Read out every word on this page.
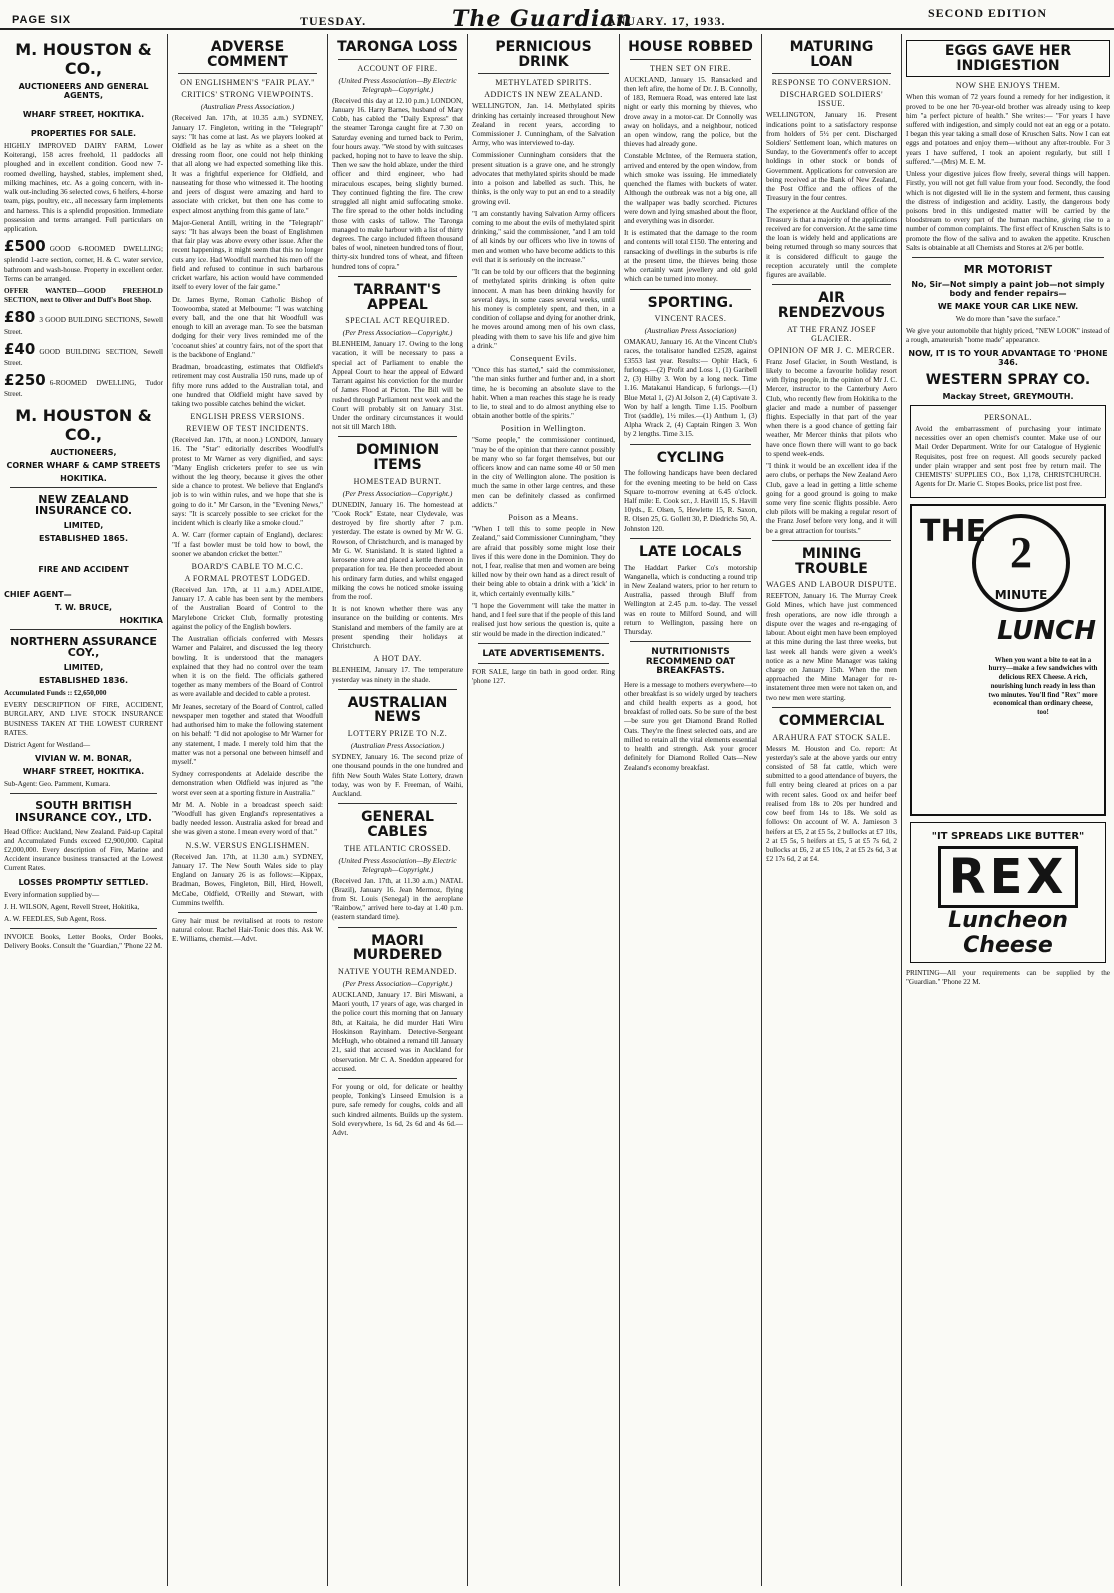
PAGE SIX	TUESDAY.	The Guardian
JANUARY. 17, 1933.
SECOND EDITION
M. HOUSTON & CO.,
AUCTIONEERS AND GENERAL AGENTS,
WHARF STREET, HOKITIKA.
PROPERTIES FOR SALE.

HIGHLY IMPROVED DAIRY FARM, Lower Koiterangi, 158 acres freehold, 11 paddocks all ploughed and in excellent condition. Good new 7-roomed dwelling, hayshed, stables, implement shed, milking machines, etc. As a going concern, with in-walk out-including 36 selected cows, 6 heifers, 4-horse team, pigs, poultry, etc., all necessary farm implements and harness. This is a splendid proposition. Immediate possession and terms arranged. Full particulars on application.

£500 GOOD 6-ROOMED DWELLING; splendid 1-acre section, corner, H. & C. water service, bathroom and wash-house. Property in excellent order. Terms can be arranged.

OFFER WANTED—GOOD FREEHOLD SECTION, next to Oliver and Duff's Boot Shop.

£80 3 GOOD BUILDING SECTIONS, Sewell Street.

£40 GOOD BUILDING SECTION, Sewell Street.

£250 6-ROOMED DWELLING, Tudor Street.

M. HOUSTON & CO.,
AUCTIONEERS,
CORNER WHARF & CAMP STREETS
HOKITIKA.
NEW ZEALAND INSURANCE CO.
LIMITED,
ESTABLISHED 1865.
FIRE AND ACCIDENT
CHIEF AGENT—
T. W. BRUCE,
HOKITIKA
NORTHERN ASSURANCE COY.,
LIMITED,
ESTABLISHED 1836.

Accumulated Funds :: £2,650,000

EVERY DESCRIPTION OF FIRE, ACCIDENT, BURGLARY, AND LIVE STOCK INSURANCE BUSINESS TAKEN AT THE LOWEST CURRENT RATES.

District Agent for Westland—

VIVIAN W. M. BONAR,
WHARF STREET, HOKITIKA.

Sub-Agent: Geo. Pamment, Kumara.

SOUTH BRITISH INSURANCE COY., LTD.

Head Office: Auckland, New Zealand. Paid-up Capital and Accumulated Funds exceed £2,900,000. Capital £2,000,000. Every description of Fire, Marine and Accident insurance business transacted at the Lowest Current Rates.

LOSSES PROMPTLY SETTLED.

Every information supplied by—

J. H. WILSON, Agent, Revell Street, Hokitika,

A. W. FEEDLES, Sub Agent, Ross.

INVOICE Books, Letter Books, Order Books, Delivery Books. Consult the "Guardian," 'Phone 22 M.

ADVERSE COMMENT
ON ENGLISHMEN'S "FAIR PLAY."
CRITICS' STRONG VIEWPOINTS.
(Australian Press Association.)

(Received Jan. 17th, at 10.35 a.m.) SYDNEY, January 17. Fingleton, writing in the "Telegraph" says: "It has come at last. As we players looked at Oldfield as he lay as white as a sheet on the dressing room floor, one could not help thinking that all along we had expected something like this. It was a frightful experience for Oldfield, and nauseating for those who witnessed it. The hooting and jeers of disgust were amazing and hard to associate with cricket, but then one has come to expect almost anything from this game of late."

Major-General Antill, writing in the "Telegraph" says: "It has always been the boast of Englishmen that fair play was above every other issue. After the recent happenings, it might seem that this no longer cuts any ice. Had Woodfull marched his men off the field and refused to continue in such barbarous cricket warfare, his action would have commended itself to every lover of the fair game."

Dr. James Byrne, Roman Catholic Bishop of Toowoomba, stated at Melbourne: "I was watching every ball, and the one that hit Woodfull was enough to kill an average man. To see the batsman dodging for their very lives reminded me of the 'cocoanut shies' at country fairs, not of the sport that is the backbone of England."

Bradman, broadcasting, estimates that Oldfield's retirement may cost Australia 150 runs, made up of fifty more runs added to the Australian total, and one hundred that Oldfield might have saved by taking two possible catches behind the wicket.

ENGLISH PRESS VERSIONS.
REVIEW OF TEST INCIDENTS.

(Received Jan. 17th, at noon.) LONDON, January 16. The "Star" editorially describes Woodfull's protest to Mr Warner as very dignified, and says: "Many English cricketers prefer to see us win without the leg theory, because it gives the other side a chance to protest. We believe that England's job is to win within rules, and we hope that she is going to do it." Mr Carson, in the "Evening News," says: "It is scarcely possible to see cricket for the incident which is clearly like a smoke cloud."

A. W. Carr (former captain of England), declares: "If a fast bowler must be told how to bowl, the sooner we abandon cricket the better."

BOARD'S CABLE TO M.C.C.
A FORMAL PROTEST LODGED.

(Received Jan. 17th, at 11 a.m.) ADELAIDE, January 17. A cable has been sent by the members of the Australian Board of Control to the Marylebone Cricket Club, formally protesting against the policy of the English bowlers.

The Australian officials conferred with Messrs Warner and Palairet, and discussed the leg theory bowling. It is understood that the managers explained that they had no control over the team when it is on the field. The officials gathered together as many members of the Board of Control as were available and decided to cable a protest.

Mr Jeanes, secretary of the Board of Control, called newspaper men together and stated that Woodfull had authorised him to make the following statement on his behalf: "I did not apologise to Mr Warner for any statement, I made. I merely told him that the matter was not a personal one between himself and myself."

Sydney correspondents at Adelaide describe the demonstration when Oldfield was injured as "the worst ever seen at a sporting fixture in Australia."

Mr M. A. Noble in a broadcast speech said: "Woodfull has given England's representatives a badly needed lesson. Australia asked for bread and she was given a stone. I mean every word of that."

N.S.W. VERSUS ENGLISHMEN.

(Received Jan. 17th, at 11.30 a.m.) SYDNEY, January 17. The New South Wales side to play England on January 26 is as follows:—Kippax, Bradman, Bowes, Fingleton, Bill, Hird, Howell, McCabe, Oldfield, O'Reilly and Stewart, with Cummins twelfth.

Grey hair must be revitalised at roots to restore natural colour. Rachel Hair-Tonic does this. Ask W. E. Williams, chemist.—Advt.

TARONGA LOSS
ACCOUNT OF FIRE.
(United Press Association—By Electric Telegraph—Copyright.)

(Received this day at 12.10 p.m.) LONDON, January 16. Harry Barnes, husband of Mary Cobb, has cabled the "Daily Express" that the steamer Taronga caught fire at 7.30 on Saturday evening and turned back to Perim, four hours away. "We stood by with suitcases packed, hoping not to have to leave the ship. Then we saw the hold ablaze, under the third officer and third engineer, who had miraculous escapes, being slightly burned. They continued fighting the fire. The crew struggled all night amid suffocating smoke. The fire spread to the other holds including those with casks of tallow. The Taronga managed to make harbour with a list of thirty degrees. The cargo included fifteen thousand bales of wool, nineteen hundred tons of flour, thirty-six hundred tons of wheat, and fifteen hundred tons of copra."

TARRANT'S APPEAL
SPECIAL ACT REQUIRED.
(Per Press Association—Copyright.)

BLENHEIM, January 17. Owing to the long vacation, it will be necessary to pass a special act of Parliament to enable the Appeal Court to hear the appeal of Edward Tarrant against his conviction for the murder of James Flood at Picton. The Bill will be rushed through Parliament next week and the Court will probably sit on January 31st. Under the ordinary circumstances it would not sit till March 18th.

DOMINION ITEMS
HOMESTEAD BURNT.
(Per Press Association—Copyright.)

DUNEDIN, January 16. The homestead at "Cook Rock" Estate, near Clydevale, was destroyed by fire shortly after 7 p.m. yesterday. The estate is owned by Mr W. G. Rowson, of Christchurch, and is managed by Mr G. W. Stanisland. It is stated lighted a kerosene stove and placed a kettle thereon in preparation for tea. He then proceeded about his ordinary farm duties, and whilst engaged milking the cows he noticed smoke issuing from the roof.

It is not known whether there was any insurance on the building or contents. Mrs Stanisland and members of the family are at present spending their holidays at Christchurch.

A HOT DAY.

BLENHEIM, January 17. The temperature yesterday was ninety in the shade.

AUSTRALIAN NEWS
LOTTERY PRIZE TO N.Z.
(Australian Press Association.)

SYDNEY, January 16. The second prize of one thousand pounds in the one hundred and fifth New South Wales State Lottery, drawn today, was won by F. Freeman, of Waihi, Auckland.

GENERAL CABLES
THE ATLANTIC CROSSED.
(United Press Association—By Electric Telegraph—Copyright.)

(Received Jan. 17th, at 11.30 a.m.) NATAL (Brazil), January 16. Jean Mermoz, flying from St. Louis (Senegal) in the aeroplane "Rainbow," arrived here to-day at 1.40 p.m. (eastern standard time).

MAORI MURDERED
NATIVE YOUTH REMANDED.
(Per Press Association—Copyright.)

AUCKLAND, January 17. Biri Miswani, a Maori youth, 17 years of age, was charged in the police court this morning that on January 8th, at Kaitaia, he did murder Hati Wiru Hoskinson Rayinham. Detective-Sergeant McHugh, who obtained a remand till January 21, said that accused was in Auckland for observation. Mr C. A. Sneddon appeared for accused.

For young or old, for delicate or healthy people, Tonking's Linseed Emulsion is a pure, safe remedy for coughs, colds and all such kindred ailments. Builds up the system. Sold everywhere, 1s 6d, 2s 6d and 4s 6d.—Advt.

PERNICIOUS DRINK
METHYLATED SPIRITS.
ADDICTS IN NEW ZEALAND.

WELLINGTON, Jan. 14. Methylated spirits drinking has certainly increased throughout New Zealand in recent years, according to Commissioner J. Cunningham, of the Salvation Army, who was interviewed to-day.

Commissioner Cunningham considers that the present situation is a grave one, and he strongly advocates that methylated spirits should be made into a poison and labelled as such. This, he thinks, is the only way to put an end to a steadily growing evil.

"I am constantly having Salvation Army officers coming to me about the evils of methylated spirit drinking," said the commissioner, "and I am told of all kinds by our officers who live in towns of men and women who have become addicts to this evil that it is seriously on the increase."

"It can be told by our officers that the beginning of methylated spirits drinking is often quite innocent. A man has been drinking heavily for several days, in some cases several weeks, until his money is completely spent, and then, in a condition of collapse and dying for another drink, he moves around among men of his own class, pleading with them to save his life and give him a drink."

Consequent Evils.

"Once this has started," said the commissioner, "the man sinks further and further and, in a short time, he is becoming an absolute slave to the habit. When a man reaches this stage he is ready to lie, to steal and to do almost anything else to obtain another bottle of the spirits."

Position in Wellington.

"Some people," the commissioner continued, "may be of the opinion that there cannot possibly be many who so far forget themselves, but our officers know and can name some 40 or 50 men in the city of Wellington alone. The position is much the same in other large centres, and these men can be definitely classed as confirmed addicts."

Poison as a Means.

"When I tell this to some people in New Zealand," said Commissioner Cunningham, "they are afraid that possibly some might lose their lives if this were done in the Dominion. They do not, I fear, realise that men and women are being killed now by their own hand as a direct result of their being able to obtain a drink with a 'kick' in it, which certainly eventually kills."

"I hope the Government will take the matter in hand, and I feel sure that if the people of this land realised just how serious the question is, quite a stir would be made in the direction indicated."

LATE ADVERTISEMENTS.

FOR SALE, large tin bath in good order. Ring 'phone 127.

HOUSE ROBBED
THEN SET ON FIRE.

AUCKLAND, January 15. Ransacked and then left afire, the home of Dr. J. B. Connolly, of 183, Remuera Road, was entered late last night or early this morning by thieves, who drove away in a motor-car. Dr Connolly was away on holidays, and a neighbour, noticed an open window, rang the police, but the thieves had already gone.

Constable McIntee, of the Remuera station, arrived and entered by the open window, from which smoke was issuing. He immediately quenched the flames with buckets of water. Although the outbreak was not a big one, all the wallpaper was badly scorched. Pictures were down and lying smashed about the floor, and everything was in disorder.

It is estimated that the damage to the room and contents will total £150. The entering and ransacking of dwellings in the suburbs is rife at the present time, the thieves being those who certainly want jewellery and old gold which can be turned into money.

SPORTING.
VINCENT RACES.
(Australian Press Association)

OMAKAU, January 16. At the Vincent Club's races, the totalisator handled £2528, against £3553 last year. Results:— Ophir Hack, 6 furlongs.—(2) Profit and Loss 1, (1) Garibell 2, (3) Hilby 3. Won by a long neck. Time 1.16. Matakanui Handicap, 6 furlongs.—(1) Blue Metal 1, (2) Al Jolson 2, (4) Captivate 3. Won by half a length. Time 1.15. Poolburn Trot (saddle), 1½ miles.—(1) Anthum 1, (3) Alpha Wrack 2, (4) Captain Ringen 3. Won by 2 lengths. Time 3.15.

CYCLING

The following handicaps have been declared for the evening meeting to be held on Cass Square to-morrow evening at 6.45 o'clock. Half mile: E. Cook scr., J. Havill 15, S. Havill 10yds., E. Olsen, 5, Hewlette 15, R. Saxon, R. Olsen 25, G. Gollett 30, P. Diedrichs 50, A. Johnston 120.

LATE LOCALS

The Haddart Parker Co's motorship Wanganella, which is conducting a round trip in New Zealand waters, prior to her return to Australia, passed through Bluff from Wellington at 2.45 p.m. to-day. The vessel was en route to Milford Sound, and will return to Wellington, passing here on Thursday.

NUTRITIONISTS RECOMMEND OAT BREAKFASTS.

Here is a message to mothers everywhere—to other breakfast is so widely urged by teachers and child health experts as a good, hot breakfast of rolled oats. So be sure of the best—be sure you get Diamond Brand Rolled Oats. They're the finest selected oats, and are milled to retain all the vital elements essential to health and strength. Ask your grocer definitely for Diamond Rolled Oats—New Zealand's economy breakfast.

MATURING LOAN
RESPONSE TO CONVERSION.
DISCHARGED SOLDIERS' ISSUE.

WELLINGTON, January 16. Present indications point to a satisfactory response from holders of 5½ per cent. Discharged Soldiers' Settlement loan, which matures on Sunday, to the Government's offer to accept holdings in other stock or bonds of Government. Applications for conversion are being received at the Bank of New Zealand, the Post Office and the offices of the Treasury in the four centres.

The experience at the Auckland office of the Treasury is that a majority of the applications received are for conversion. At the same time the loan is widely held and applications are being returned through so many sources that it is considered difficult to gauge the reception accurately until the complete figures are available.

AIR RENDEZVOUS
AT THE FRANZ JOSEF GLACIER.
OPINION OF MR J. C. MERCER.

Franz Josef Glacier, in South Westland, is likely to become a favourite holiday resort with flying people, in the opinion of Mr J. C. Mercer, instructor to the Canterbury Aero Club, who recently flew from Hokitika to the glacier and made a number of passenger flights. Especially in that part of the year when there is a good chance of getting fair weather, Mr Mercer thinks that pilots who have once flown there will want to go back to spend week-ends.

"I think it would be an excellent idea if the aero clubs, or perhaps the New Zealand Aero Club, gave a lead in getting a little scheme going for a good ground is going to make some very fine scenic flights possible. Aero club pilots will be making a regular resort of the Franz Josef before very long, and it will be a great attraction for tourists."

MINING TROUBLE
WAGES AND LABOUR DISPUTE.

REEFTON, January 16. The Murray Creek Gold Mines, which have just commenced fresh operations, are now idle through a dispute over the wages and re-engaging of labour. About eight men have been employed at this mine during the last three weeks, but last week all hands were given a week's notice as a new Mine Manager was taking charge on January 15th. When the men approached the Mine Manager for re-instatement three men were not taken on, and two new men were starting.

COMMERCIAL
ARAHURA FAT STOCK SALE.

Messrs M. Houston and Co. report: At yesterday's sale at the above yards our entry consisted of 58 fat cattle, which were submitted to a good attendance of buyers, the full entry being cleared at prices on a par with recent sales. Good ox and heifer beef realised from 18s to 20s per hundred and cow beef from 14s to 18s. We sold as follows: On account of W. A. Jamieson 3 heifers at £5, 2 at £5 5s, 2 bullocks at £7 10s, 2 at £5 5s, 5 heifers at £5, 5 at £5 7s 6d, 2 bullocks at £6, 2 at £5 10s, 2 at £5 2s 6d, 3 at £2 17s 6d, 2 at £4.

EGGS GAVE HER INDIGESTION
NOW SHE ENJOYS THEM.

When this woman of 72 years found a remedy for her indigestion, it proved to be one her 70-year-old brother was already using to keep him "a perfect picture of health." She writes:— "For years I have suffered with indigestion, and simply could not eat an egg or a potato. I began this year taking a small dose of Kruschen Salts. Now I can eat eggs and potatoes and enjoy them—without any after-trouble. For 3 years I have suffered, I took an apoient regularly, but still I suffered."—(Mrs) M. E. M.

Unless your digestive juices flow freely, several things will happen. Firstly, you will not get full value from your food. Secondly, the food which is not digested will lie in the system and ferment, thus causing the distress of indigestion and acidity. Lastly, the dangerous body poisons bred in this undigested matter will be carried by the bloodstream to every part of the human machine, giving rise to a number of common complaints. The first effect of Kruschen Salts is to promote the flow of the saliva and to awaken the appetite. Kruschen Salts is obtainable at all Chemists and Stores at 2/6 per bottle.

MR MOTORIST
No, Sir—Not simply a paint job—not simply body and fender repairs—
WE MAKE YOUR CAR LIKE NEW.

We do more than "save the surface."

We give your automobile that highly priced, "NEW LOOK" instead of a rough, amateurish "home made" appearance.

NOW, IT IS TO YOUR ADVANTAGE TO 'PHONE 346.
WESTERN SPRAY CO.
Mackay Street, GREYMOUTH.
PERSONAL.

Avoid the embarrassment of purchasing your intimate necessities over an open chemist's counter. Make use of our Mail Order Department. Write for our Catalogue of Hygienic Requisites, post free on request. All goods securely packed under plain wrapper and sent post free by return mail. The CHEMISTS' SUPPLIES CO., Box 1,178, CHRISTCHURCH. Agents for Dr. Marie C. Stopes Books, price list post free.

THE 2
MINUTE
LUNCH
When you want a bite to eat in a hurry—make a few sandwiches with delicious REX Cheese. A rich, nourishing lunch ready in less than two minutes. You'll find "Rex" more economical than ordinary cheese, too!
"IT SPREADS LIKE BUTTER"
REX
Luncheon Cheese

PRINTING—All your requirements can be supplied by the "Guardian." 'Phone 22 M.
